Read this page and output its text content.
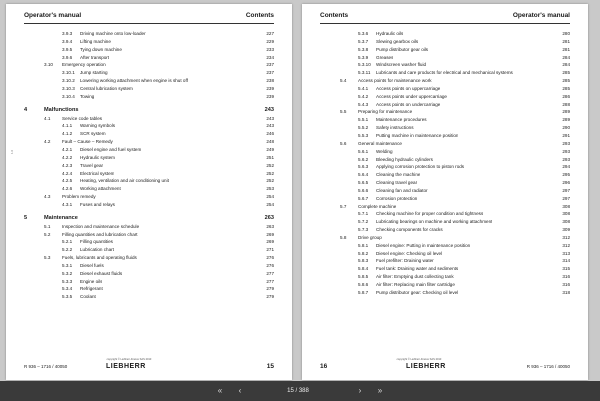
Operator's manual	Contents
3.9.3	Driving machine onto low-loader	227
3.9.4	Lifting machine	229
3.9.5	Tying down machine	233
3.9.6	After transport	234
3.10	Emergency operation	237
3.10.1	Jump starting	237
3.10.2	Lowering working attachment when engine is shut off	238
3.10.3	Central lubrication system	239
3.10.4	Towing	239
4	Malfunctions	243
4.1	Service code tables	243
4.1.1	Warning symbols	243
4.1.2	SCR system	246
4.2	Fault – Cause – Remedy	248
4.2.1	Diesel engine and fuel system	249
4.2.2	Hydraulic system	251
4.2.3	Travel gear	252
4.2.4	Electrical system	252
4.2.5	Heating, ventilation and air conditioning unit	252
4.2.6	Working attachment	253
4.3	Problem remedy	254
4.3.1	Fuses and relays	254
5	Maintenance	263
5.1	Inspection and maintenance schedule	263
5.2	Filling quantities and lubrication chart	269
5.2.1	Filling quantities	269
5.2.2	Lubrication chart	271
5.3	Fuels, lubricants and operating fluids	276
5.3.1	Diesel fuels	276
5.3.2	Diesel exhaust fluids	277
5.3.3	Engine oils	277
5.3.4	Refrigerant	279
5.3.5	Coolant	279
1.0
R 936 – 1716 / 40050
copyright © Liebherr-France SAS 2013
LIEBHERR	15
Contents	Operator's manual
5.3.6	Hydraulic oils	280
5.3.7	Slewing gearbox oils	281
5.3.8	Pump distributor gear oils	281
5.3.9	Greases	284
5.3.10	Windscreen washer fluid	284
5.3.11	Lubricants and care products for electrical and mechanical systems	285
5.4	Access points for maintenance work	285
5.4.1	Access points on uppercarriage	285
5.4.2	Access points under uppercarriage	286
5.4.3	Access points on undercarriage	288
5.5	Preparing for maintenance	289
5.5.1	Maintenance procedures	289
5.5.2	Safety instructions	290
5.5.3	Putting machine in maintenance position	291
5.6	General maintenance	293
5.6.1	Welding	293
5.6.2	Bleeding hydraulic cylinders	293
5.6.3	Applying corrosion protection to piston rods	294
5.6.4	Cleaning the machine	295
5.6.5	Cleaning travel gear	296
5.6.6	Cleaning fan and radiator	297
5.6.7	Corrosion protection	297
5.7	Complete machine	308
5.7.1	Checking machine for proper condition and tightness	308
5.7.2	Lubricating bearings on machine and working attachment	308
5.7.3	Checking components for cracks	309
5.8	Drive group	312
5.8.1	Diesel engine: Putting in maintenance position	312
5.8.2	Diesel engine: Checking oil level	313
5.8.3	Fuel prefilter: Draining water	314
5.8.4	Fuel tank: Draining water and sediments	315
5.8.5	Air filter: Emptying dust collecting tank	316
5.8.6	Air filter: Replacing main filter cartridge	316
5.8.7	Pump distributor gear: Checking oil level	318
16
copyright © Liebherr-France SAS 2013
LIEBHERR	R 936 – 1716 / 40050
«	‹	15 / 388	›	»
